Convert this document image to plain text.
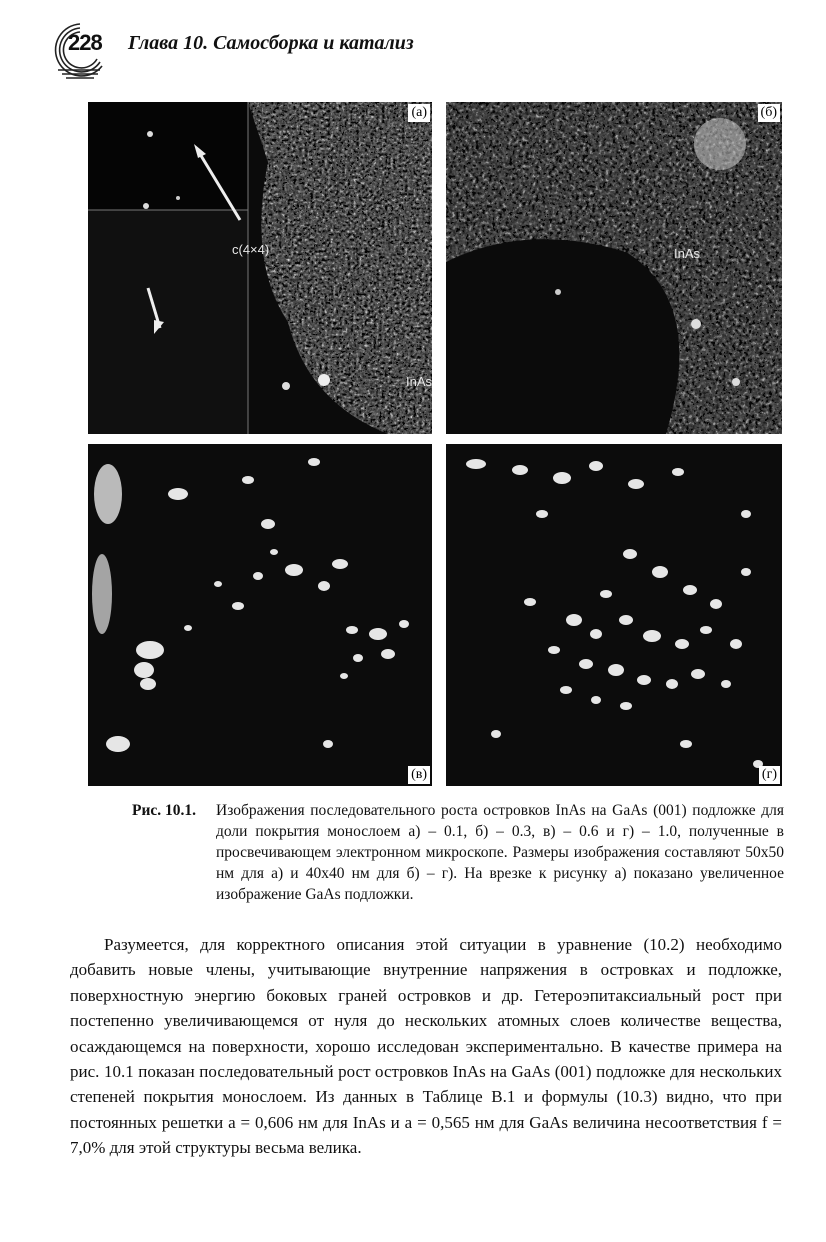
228 Глава 10. Самосборка и катализ
(а)
c(4×4)
InAs
(б)
InAs
(в)	(г)
Рис. 10.1. Изображения последовательного роста островков InAs на GaAs (001) подложке для доли покрытия монослоем а) – 0.1, б) – 0.3, в) – 0.6 и г) – 1.0, полученные в просвечивающем электронном микроскопе. Размеры изображения составляют 50x50 нм для а) и 40x40 нм для б) – г). На врезке к рисунку а) показано увеличенное изображение GaAs подложки.

Разумеется, для корректного описания этой ситуации в уравнение (10.2) необходимо добавить новые члены, учитывающие внутренние напряжения в островках и подложке, поверхностную энергию боковых граней островков и др. Гетероэпитаксиальный рост при постепенно увеличивающемся от нуля до нескольких атомных слоев количестве вещества, осаждающемся на поверхности, хорошо исследован экспериментально. В качестве примера на рис. 10.1 показан последовательный рост островков InAs на GaAs (001) подложке для нескольких степеней покрытия монослоем. Из данных в Таблице В.1 и формулы (10.3) видно, что при постоянных решетки a = 0,606 нм для InAs и a = 0,565 нм для GaAs величина несоответствия f = 7,0% для этой структуры весьма велика.
